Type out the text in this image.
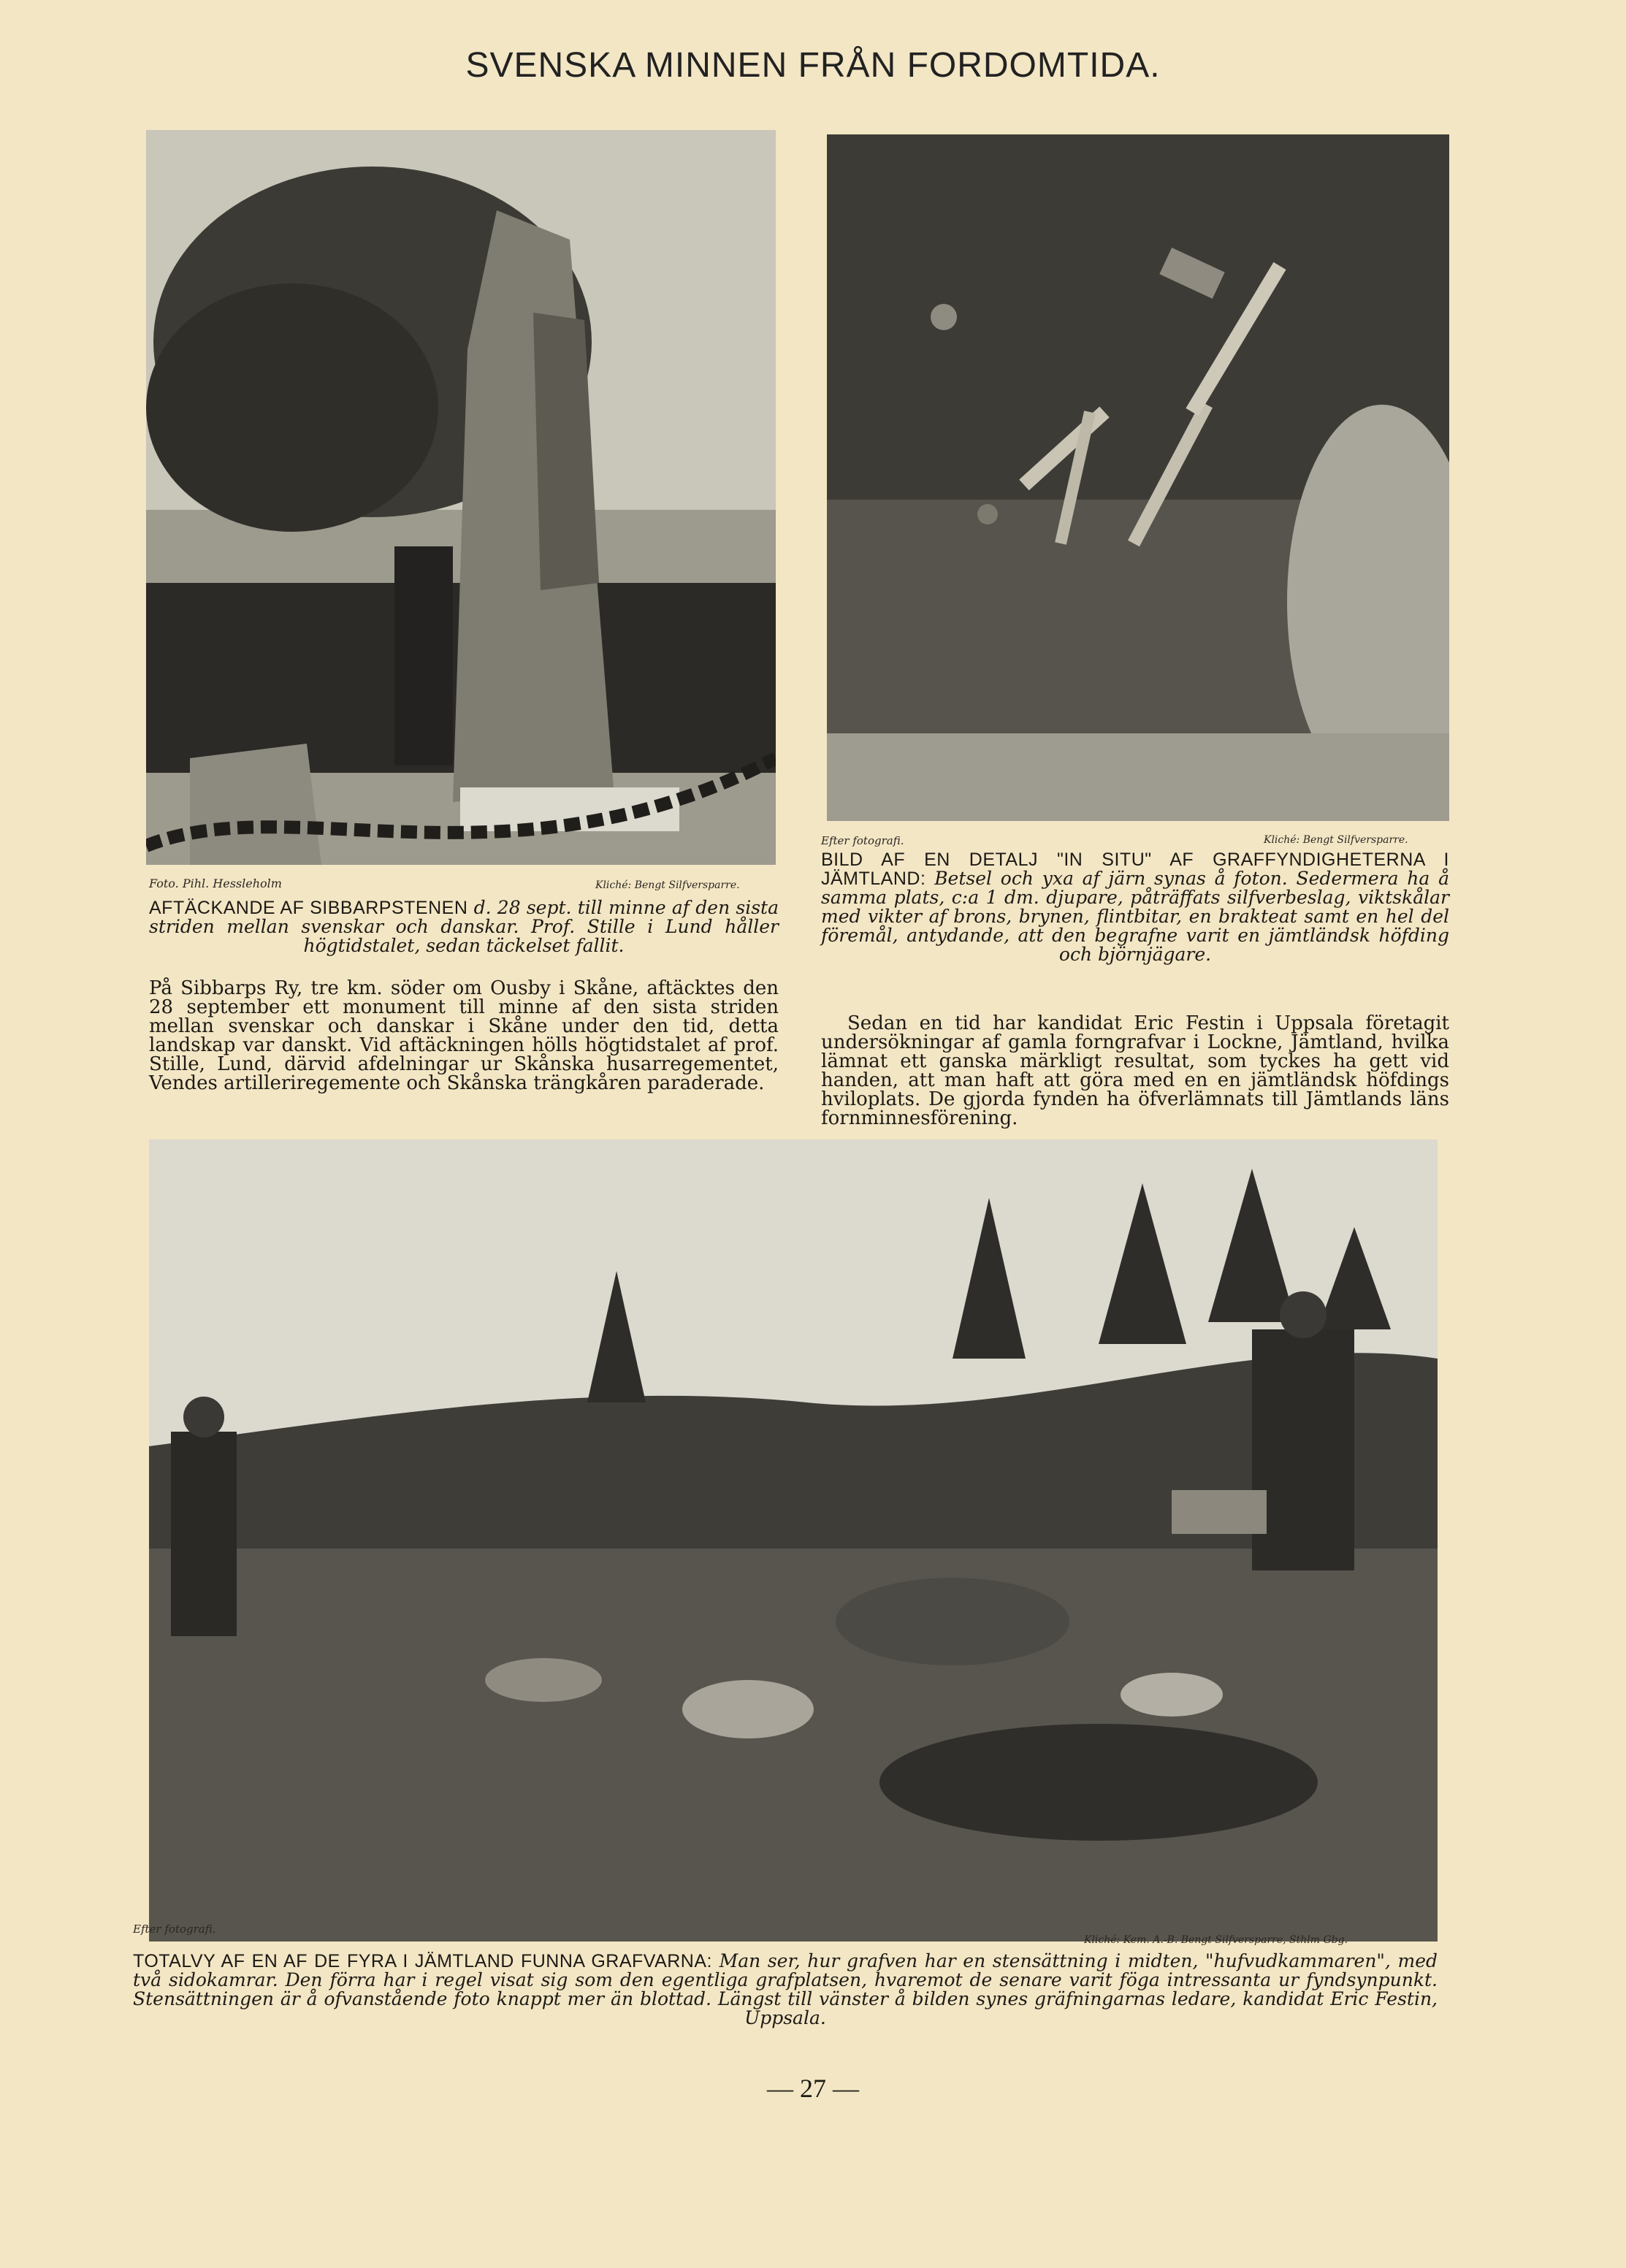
SVENSKA MINNEN FRÅN FORDOMTIDA.
Foto. Pihl. Hessleholm	Kliché: Bengt Silfversparre.
Efter fotografi.	Kliché: Bengt Silfversparre.

AFTÄCKANDE AF SIBBARPSTENEN d. 28 sept. till minne af den sista striden mellan svenskar och danskar. Prof. Stille i Lund håller högtidstalet, sedan täckelset fallit.

På Sibbarps Ry, tre km. söder om Ousby i Skåne, aftäcktes den 28 september ett monument till minne af den sista striden mellan svenskar och danskar i Skåne under den tid, detta landskap var danskt. Vid aftäckningen hölls högtidstalet af prof. Stille, Lund, därvid afdelningar ur Skånska husarregementet, Vendes artilleriregemente och Skånska trängkåren paraderade.

BILD AF EN DETALJ "IN SITU" AF GRAFFYNDIGHETERNA I JÄMTLAND: Betsel och yxa af järn synas å foton. Sedermera ha å samma plats, c:a 1 dm. djupare, påträffats silfverbeslag, viktskålar med vikter af brons, brynen, flintbitar, en brakteat samt en hel del föremål, antydande, att den begrafne varit en jämtländsk höfding och björnjägare.

Sedan en tid har kandidat Eric Festin i Uppsala företagit undersökningar af gamla forngrafvar i Lockne, Jämtland, hvilka lämnat ett ganska märkligt resultat, som tyckes ha gett vid handen, att man haft att göra med en en jämtländsk höfdings hviloplats. De gjorda fynden ha öfverlämnats till Jämtlands läns fornminnesförening.
Efter fotografi.
Kliché: Kem. A.-B. Bengt Silfversparre, Sthlm Gbg.

TOTALVY AF EN AF DE FYRA I JÄMTLAND FUNNA GRAFVARNA: Man ser, hur grafven har en stensättning i midten, "hufvudkammaren", med två sidokamrar. Den förra har i regel visat sig som den egentliga grafplatsen, hvaremot de senare varit föga intressanta ur fyndsynpunkt. Stensättningen är å ofvanstående foto knappt mer än blottad. Längst till vänster å bilden synes gräfningarnas ledare, kandidat Eric Festin, Uppsala.

— 27 —
